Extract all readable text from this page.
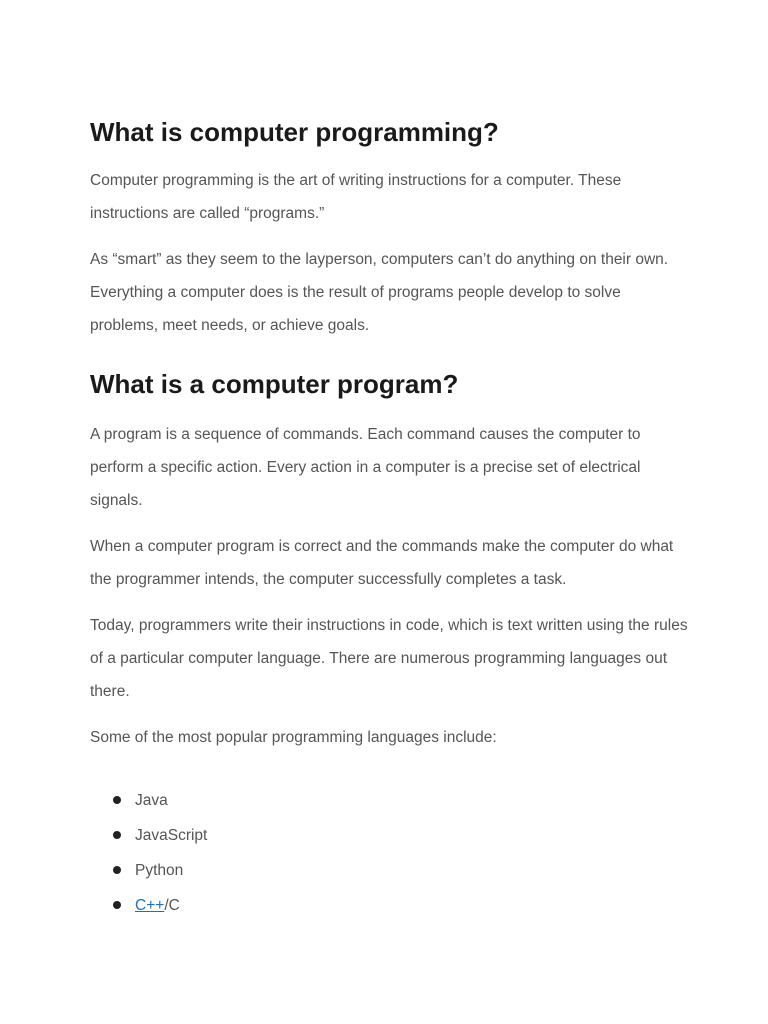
What is computer programming?

Computer programming is the art of writing instructions for a computer. These instructions are called “programs.”

As “smart” as they seem to the layperson, computers can’t do anything on their own. Everything a computer does is the result of programs people develop to solve problems, meet needs, or achieve goals.

What is a computer program?

A program is a sequence of commands. Each command causes the computer to perform a specific action. Every action in a computer is a precise set of electrical signals.

When a computer program is correct and the commands make the computer do what the programmer intends, the computer successfully completes a task.

Today, programmers write their instructions in code, which is text written using the rules of a particular computer language. There are numerous programming languages out there.

Some of the most popular programming languages include:

Java
JavaScript
Python
C++/C
